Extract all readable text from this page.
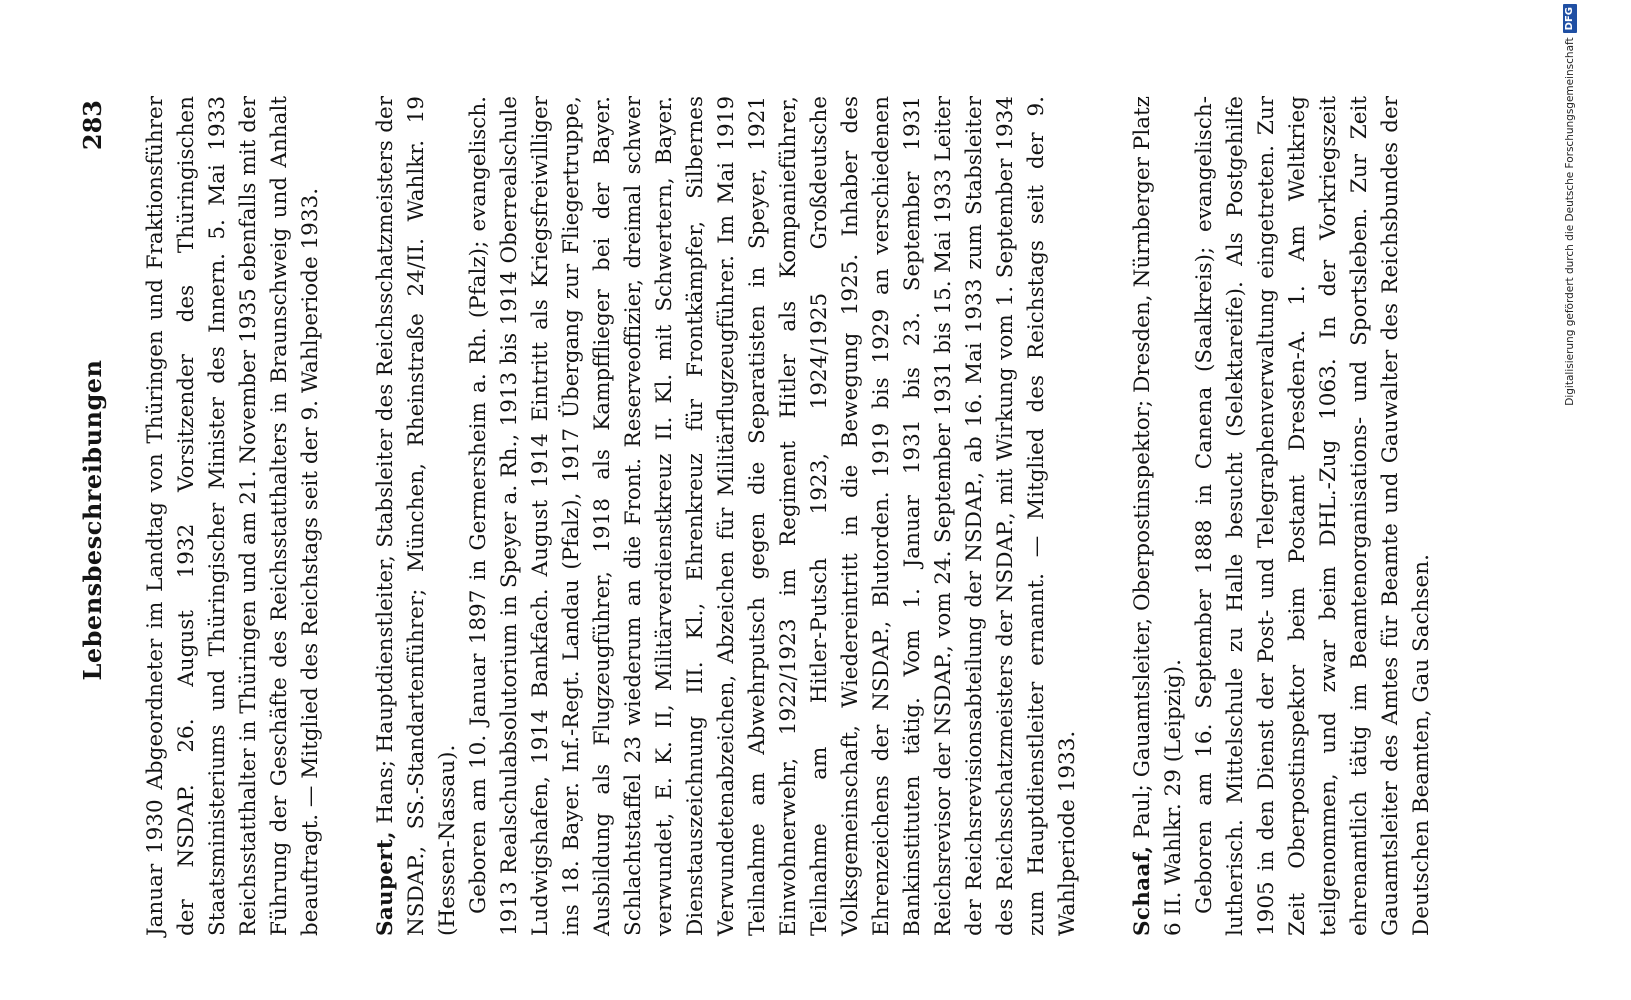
Lebensbeschreibungen
283 Januar 1930 Abgeordneter im Landtag von Thüringen und Fraktionsführer der NSDAP. 26. August 1932 Vorsitzender des Thüringischen Staatsministeriums und Thüringischer Minister des Innern. 5. Mai 1933 Reichsstatthalter in Thüringen und am 21. November 1935 ebenfalls mit der Führung der Geschäfte des Reichsstatthalters in Braunschweig und Anhalt beauftragt. — Mitglied des Reichstags seit der 9. Wahlperiode 1933. Saupert, Hans; Hauptdienstleiter, Stabsleiter des Reichsschatzmeisters der NSDAP., SS.-Standartenführer; München, Rheinstraße 24/II. Wahlkr. 19 (Hessen-Nassau). Geboren am 10. Januar 1897 in Germersheim a. Rh. (Pfalz); evangelisch. 1913 Realschulabsolutorium in Speyer a. Rh., 1913 bis 1914 Oberrealschule Ludwigshafen, 1914 Bankfach. August 1914 Eintritt als Kriegsfreiwilliger ins 18. Bayer. Inf.-Regt. Landau (Pfalz), 1917 Übergang zur Fliegertruppe, Ausbildung als Flugzeugführer, 1918 als Kampfflieger bei der Bayer. Schlachtstaffel 23 wiederum an die Front. Reserveoffizier, dreimal schwer verwundet, E. K. II, Militärverdienstkreuz II. Kl. mit Schwertern, Bayer. Dienstauszeichnung III. Kl., Ehrenkreuz für Frontkämpfer, Silbernes Verwundetenabzeichen, Abzeichen für Militärflugzeugführer. Im Mai 1919 Teilnahme am Abwehrputsch gegen die Separatisten in Speyer, 1921 Einwohnerwehr, 1922/1923 im Regiment Hitler als Kompanieführer, Teilnahme am Hitler-Putsch 1923, 1924/1925 Großdeutsche Volksgemeinschaft, Wiedereintritt in die Bewegung 1925. Inhaber des Ehrenzeichens der NSDAP., Blutorden. 1919 bis 1929 an verschiedenen Bankinstituten tätig. Vom 1. Januar 1931 bis 23. September 1931 Reichsrevisor der NSDAP., vom 24. September 1931 bis 15. Mai 1933 Leiter der Reichsrevisionsabteilung der NSDAP., ab 16. Mai 1933 zum Stabsleiter des Reichsschatzmeisters der NSDAP., mit Wirkung vom 1. September 1934 zum Hauptdienstleiter ernannt. — Mitglied des Reichstags seit der 9. Wahlperiode 1933. Schaaf, Paul; Gauamtsleiter, Oberpostinspektor; Dresden, Nürnberger Platz 6 II. Wahlkr. 29 (Leipzig). Geboren am 16. September 1888 in Canena (Saalkreis); evangelisch-lutherisch. Mittelschule zu Halle besucht (Selektareife). Als Postgehilfe 1905 in den Dienst der Post- und Telegraphenverwaltung eingetreten. Zur Zeit Oberpostinspektor beim Postamt Dresden-A. 1. Am Weltkrieg teilgenommen, und zwar beim DHL.-Zug 1063. In der Vorkriegszeit ehrenamtlich tätig im Beamtenorganisations- und Sportsleben. Zur Zeit Gauamtsleiter des Amtes für Beamte und Gauwalter des Reichsbundes der Deutschen Beamten, Gau Sachsen.

Digitalisierung gefördert durch die Deutsche ForschungsgemeinschaftDFG
